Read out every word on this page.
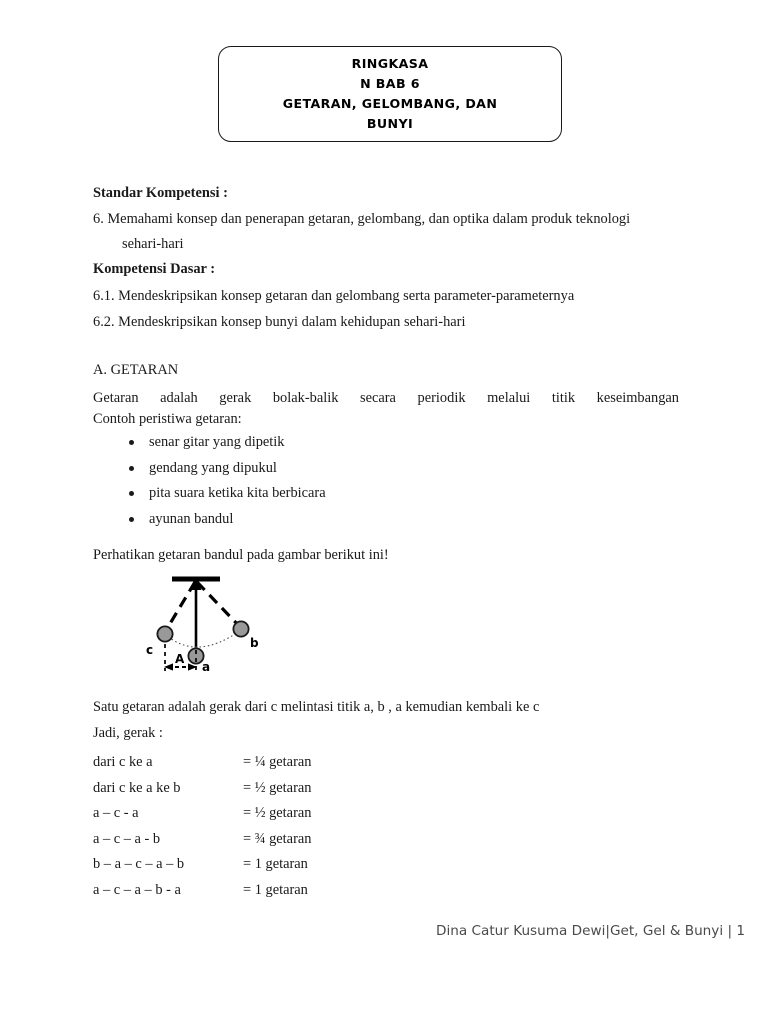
RINGKASA
N BAB 6
GETARAN, GELOMBANG, DAN
BUNYI
Standar Kompetensi :
6. Memahami konsep dan penerapan getaran, gelombang, dan optika dalam produk teknologi
sehari-hari
Kompetensi Dasar :
6.1. Mendeskripsikan konsep getaran dan gelombang serta parameter-parameternya
6.2. Mendeskripsikan konsep bunyi dalam kehidupan sehari-hari
A. GETARAN
Getaran adalah gerak bolak-balik secara periodik melalui titik keseimbangan
Contoh peristiwa getaran:
senar gitar yang dipetik
gendang yang dipukul
pita suara ketika kita berbicara
ayunan bandul
Perhatikan getaran bandul pada gambar berikut ini!
c	b
a
A
Satu getaran adalah gerak dari c melintasi titik a, b , a kemudian kembali ke c
Jadi, gerak :
dari c ke a	= ¼ getaran
dari c ke a ke b	= ½ getaran
a – c - a	= ½ getaran
a – c – a - b	= ¾ getaran
b – a – c – a – b	= 1 getaran
a – c – a – b - a	= 1 getaran
Dina Catur Kusuma Dewi|Get, Gel & Bunyi | 1
